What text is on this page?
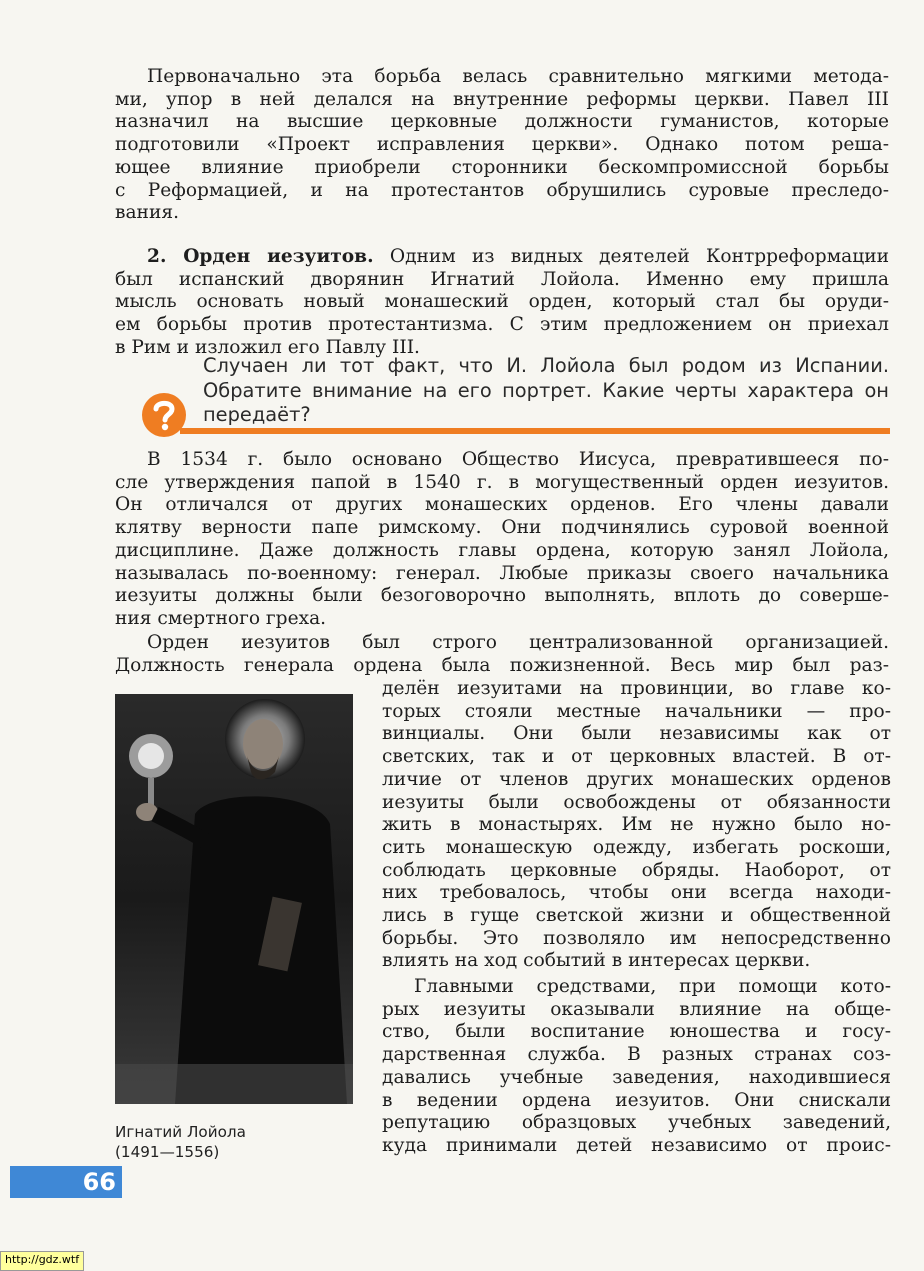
Первоначально эта борьба велась сравнительно мягкими метода-

ми, упор в ней делался на внутренние реформы церкви. Павел III

назначил на высшие церковные должности гуманистов, которые

подготовили «Проект исправления церкви». Однако потом реша-

ющее влияние приобрели сторонники бескомпромиссной борьбы

с Реформацией, и на протестантов обрушились суровые преследо-

вания.

2. Орден иезуитов. Одним из видных деятелей Контрреформации

был испанский дворянин Игнатий Лойола. Именно ему пришла

мысль основать новый монашеский орден, который стал бы оруди-

ем борьбы против протестантизма. С этим предложением он приехал

в Рим и изложил его Павлу III.

Случаен ли тот факт, что И. Лойола был родом из Испании.
Обратите внимание на его портрет. Какие черты характера он
передаёт?

В 1534 г. было основано Общество Иисуса, превратившееся по-

сле утверждения папой в 1540 г. в могущественный орден иезуитов.

Он отличался от других монашеских орденов. Его члены давали

клятву верности папе римскому. Они подчинялись суровой военной

дисциплине. Даже должность главы ордена, которую занял Лойола,

называлась по-военному: генерал. Любые приказы своего начальника

иезуиты должны были безоговорочно выполнять, вплоть до соверше-

ния смертного греха.

Орден иезуитов был строго централизованной организацией.

Должность генерала ордена была пожизненной. Весь мир был раз-

делён иезуитами на провинции, во главе ко-

торых стояли местные начальники — про-

винциалы. Они были независимы как от

светских, так и от церковных властей. В от-

личие от членов других монашеских орденов

иезуиты были освобождены от обязанности

жить в монастырях. Им не нужно было но-

сить монашескую одежду, избегать роскоши,

соблюдать церковные обряды. Наоборот, от

них требовалось, чтобы они всегда находи-

лись в гуще светской жизни и общественной

борьбы. Это позволяло им непосредственно

влиять на ход событий в интересах церкви.

Главными средствами, при помощи кото-

рых иезуиты оказывали влияние на обще-

ство, были воспитание юношества и госу-

дарственная служба. В разных странах соз-

давались учебные заведения, находившиеся

в ведении ордена иезуитов. Они снискали

репутацию образцовых учебных заведений,

куда принимали детей независимо от проис-

Игнатий Лойола
(1491—1556)
66
http://gdz.wtf
